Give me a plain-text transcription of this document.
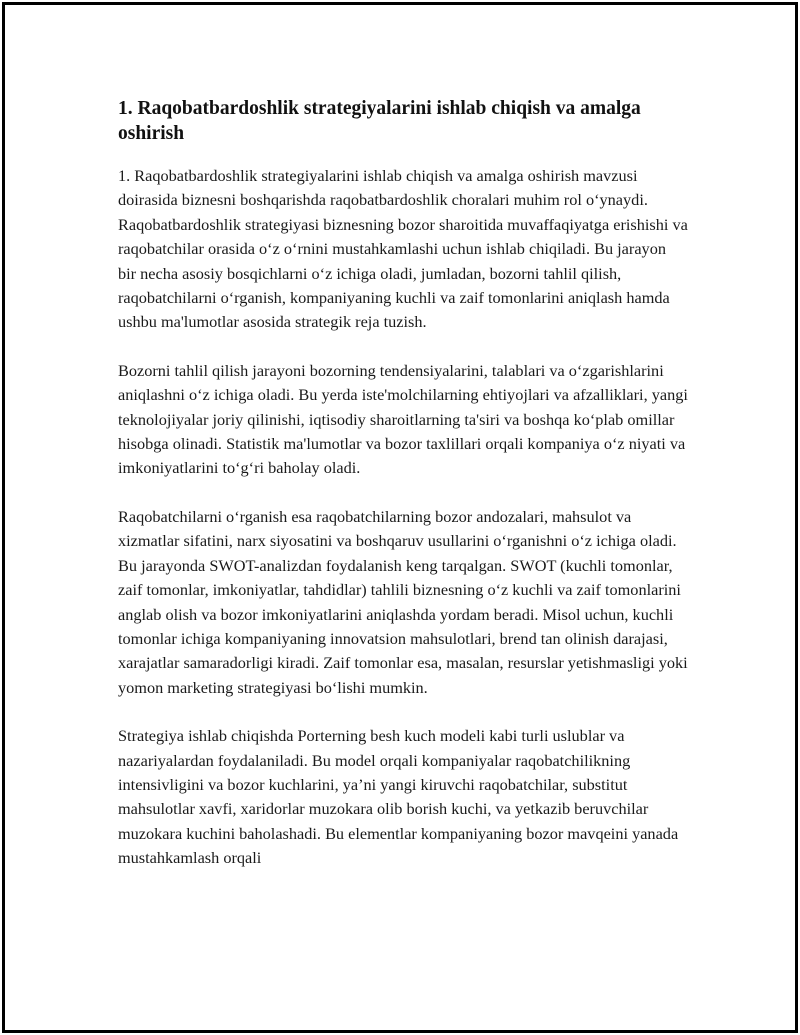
1. Raqobatbardoshlik strategiyalarini ishlab chiqish va amalga oshirish

1. Raqobatbardoshlik strategiyalarini ishlab chiqish va amalga oshirish mavzusi doirasida biznesni boshqarishda raqobatbardoshlik choralari muhim rol oʻynaydi. Raqobatbardoshlik strategiyasi biznesning bozor sharoitida muvaffaqiyatga erishishi va raqobatchilar orasida oʻz oʻrnini mustahkamlashi uchun ishlab chiqiladi. Bu jarayon bir necha asosiy bosqichlarni oʻz ichiga oladi, jumladan, bozorni tahlil qilish, raqobatchilarni oʻrganish, kompaniyaning kuchli va zaif tomonlarini aniqlash hamda ushbu ma'lumotlar asosida strategik reja tuzish.

Bozorni tahlil qilish jarayoni bozorning tendensiyalarini, talablari va oʻzgarishlarini aniqlashni oʻz ichiga oladi. Bu yerda iste'molchilarning ehtiyojlari va afzalliklari, yangi teknolojiyalar joriy qilinishi, iqtisodiy sharoitlarning ta'siri va boshqa koʻplab omillar hisobga olinadi. Statistik ma'lumotlar va bozor taxlillari orqali kompaniya oʻz niyati va imkoniyatlarini toʻgʻri baholay oladi.

Raqobatchilarni oʻrganish esa raqobatchilarning bozor andozalari, mahsulot va xizmatlar sifatini, narx siyosatini va boshqaruv usullarini oʻrganishni oʻz ichiga oladi. Bu jarayonda SWOT-analizdan foydalanish keng tarqalgan. SWOT (kuchli tomonlar, zaif tomonlar, imkoniyatlar, tahdidlar) tahlili biznesning oʻz kuchli va zaif tomonlarini anglab olish va bozor imkoniyatlarini aniqlashda yordam beradi. Misol uchun, kuchli tomonlar ichiga kompaniyaning innovatsion mahsulotlari, brend tan olinish darajasi, xarajatlar samaradorligi kiradi. Zaif tomonlar esa, masalan, resurslar yetishmasligi yoki yomon marketing strategiyasi boʻlishi mumkin.

Strategiya ishlab chiqishda Porterning besh kuch modeli kabi turli uslublar va nazariyalardan foydalaniladi. Bu model orqali kompaniyalar raqobatchilikning intensivligini va bozor kuchlarini, yaʼni yangi kiruvchi raqobatchilar, substitut mahsulotlar xavfi, xaridorlar muzokara olib borish kuchi, va yetkazib beruvchilar muzokara kuchini baholashadi. Bu elementlar kompaniyaning bozor mavqeini yanada mustahkamlash orqali
